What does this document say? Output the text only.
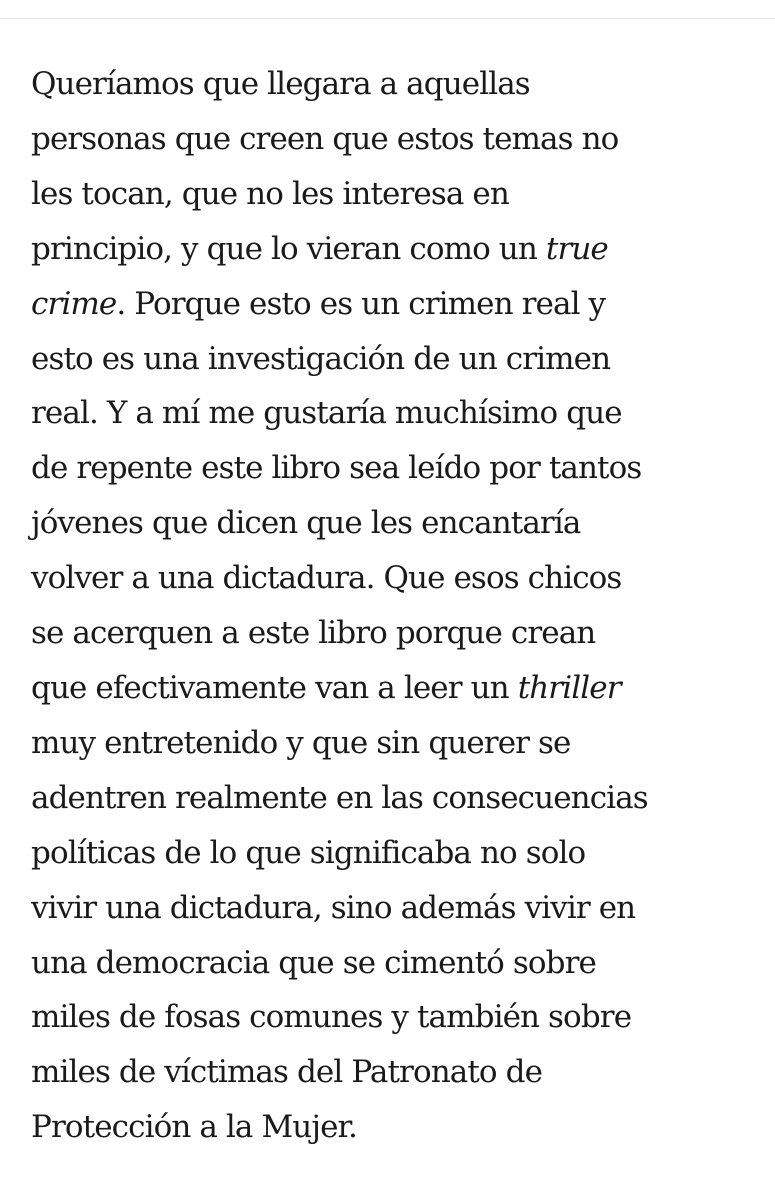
Queríamos que llegara a aquellas
personas que creen que estos temas no
les tocan, que no les interesa en
principio, y que lo vieran como un true
crime. Porque esto es un crimen real y
esto es una investigación de un crimen
real. Y a mí me gustaría muchísimo que
de repente este libro sea leído por tantos
jóvenes que dicen que les encantaría
volver a una dictadura. Que esos chicos
se acerquen a este libro porque crean
que efectivamente van a leer un thriller
muy entretenido y que sin querer se
adentren realmente en las consecuencias
políticas de lo que significaba no solo
vivir una dictadura, sino además vivir en
una democracia que se cimentó sobre
miles de fosas comunes y también sobre
miles de víctimas del Patronato de
Protección a la Mujer.
